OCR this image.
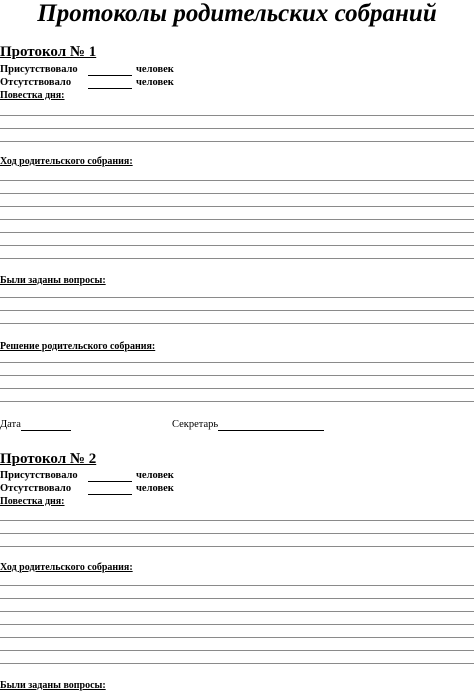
Протоколы родительских собраний
Протокол № 1
Присутствовало	человек
Отсутствовало	человек
Повестка дня:
Ход родительского собрания:
Были заданы вопросы:
Решение родительского собрания:
Дата	Секретарь
Протокол № 2
Присутствовало	человек
Отсутствовало	человек
Повестка дня:
Ход родительского собрания:
Были заданы вопросы:
